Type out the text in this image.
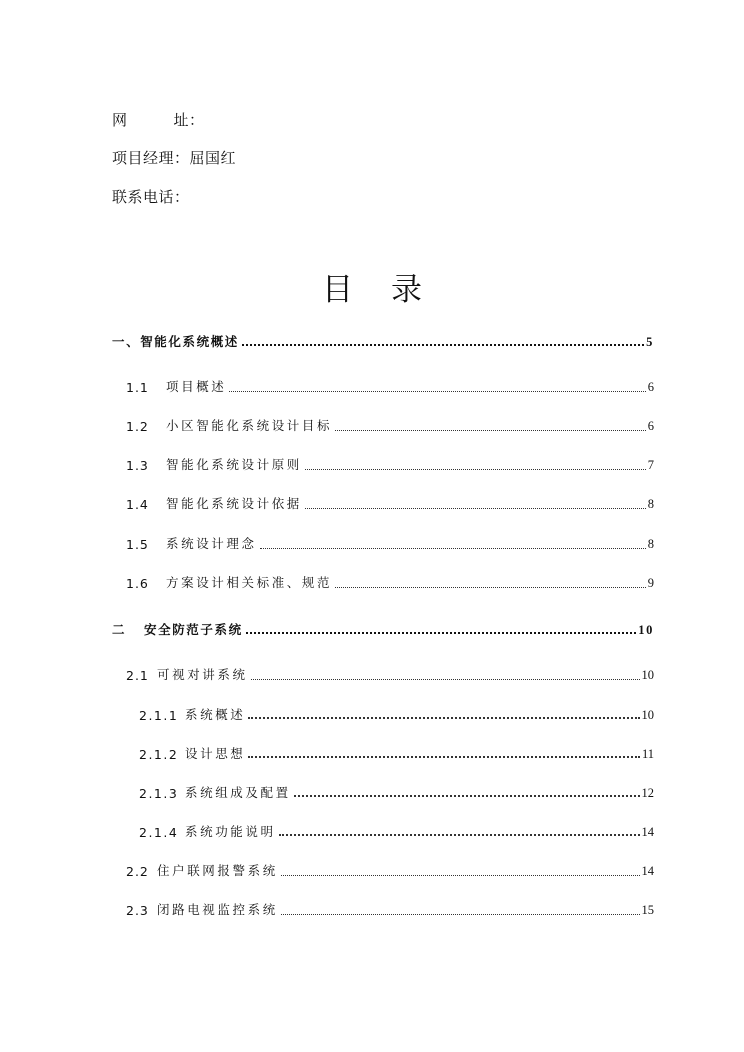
网	址：
项目经理：屈国红
联系电话：
目 录
一、 智能化系统概述	5
1.1	项目概述	6
1.2	小区智能化系统设计目标	6
1.3	智能化系统设计原则	7
1.4	智能化系统设计依据	8
1.5	系统设计理念	8
1.6	方案设计相关标准、规范	9
二	安全防范子系统	10
2.1 可视对讲系统	10
2.1.1 系统概述	10
2.1.2 设计思想	11
2.1.3 系统组成及配置	12
2.1.4 系统功能说明	14
2.2 住户联网报警系统	14
2.3 闭路电视监控系统	15
